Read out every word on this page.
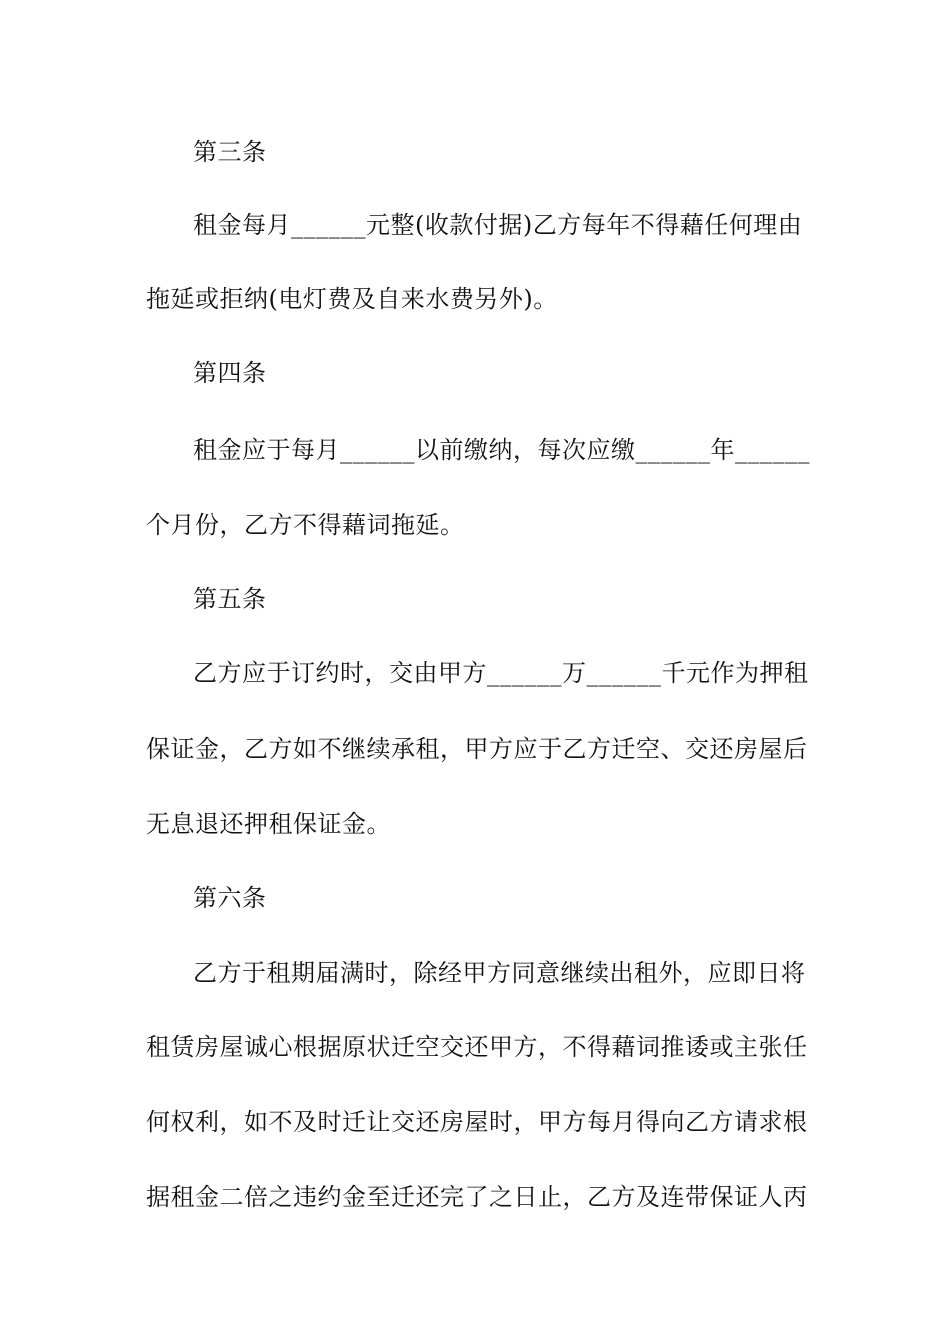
第三条
租金每月______元整(收款付据)乙方每年不得藉任何理由
拖延或拒纳(电灯费及自来水费另外)。
第四条
租金应于每月______以前缴纳，每次应缴______年______
个月份，乙方不得藉词拖延。
第五条
乙方应于订约时，交由甲方______万______千元作为押租
保证金，乙方如不继续承租，甲方应于乙方迁空、交还房屋后
无息退还押租保证金。
第六条
乙方于租期届满时，除经甲方同意继续出租外，应即日将
租赁房屋诚心根据原状迁空交还甲方，不得藉词推诿或主张任
何权利，如不及时迁让交还房屋时，甲方每月得向乙方请求根
据租金二倍之违约金至迁还完了之日止，乙方及连带保证人丙
